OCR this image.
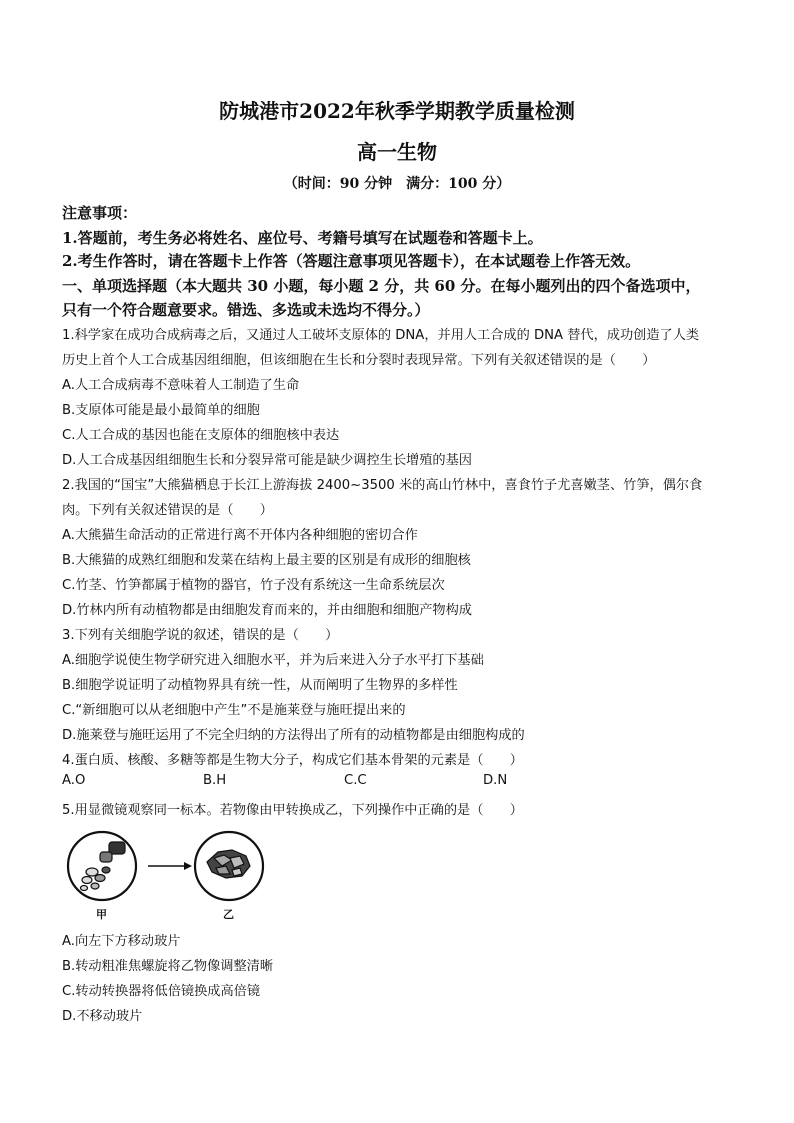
防城港市2022年秋季学期教学质量检测
高一生物
（时间：90 分钟　满分：100 分）
注意事项：
1.答题前，考生务必将姓名、座位号、考籍号填写在试题卷和答题卡上。
2.考生作答时，请在答题卡上作答（答题注意事项见答题卡），在本试题卷上作答无效。
一、单项选择题（本大题共 30 小题，每小题 2 分，共 60 分。在每小题列出的四个备选项中，
只有一个符合题意要求。错选、多选或未选均不得分。）
1.科学家在成功合成病毒之后，又通过人工破坏支原体的 DNA，并用人工合成的 DNA 替代，成功创造了人类
历史上首个人工合成基因组细胞，但该细胞在生长和分裂时表现异常。下列有关叙述错误的是（　　）
A.人工合成病毒不意味着人工制造了生命
B.支原体可能是最小最简单的细胞
C.人工合成的基因也能在支原体的细胞核中表达
D.人工合成基因组细胞生长和分裂异常可能是缺少调控生长增殖的基因
2.我国的“国宝”大熊猫栖息于长江上游海拔 2400~3500 米的高山竹林中，喜食竹子尤喜嫩茎、竹笋，偶尔食
肉。下列有关叙述错误的是（　　）
A.大熊猫生命活动的正常进行离不开体内各种细胞的密切合作
B.大熊猫的成熟红细胞和发菜在结构上最主要的区别是有成形的细胞核
C.竹茎、竹笋都属于植物的器官，竹子没有系统这一生命系统层次
D.竹林内所有动植物都是由细胞发育而来的，并由细胞和细胞产物构成
3.下列有关细胞学说的叙述，错误的是（　　）
A.细胞学说使生物学研究进入细胞水平，并为后来进入分子水平打下基础
B.细胞学说证明了动植物界具有统一性，从而阐明了生物界的多样性
C.“新细胞可以从老细胞中产生”不是施莱登与施旺提出来的
D.施莱登与施旺运用了不完全归纳的方法得出了所有的动植物都是由细胞构成的
4.蛋白质、核酸、多糖等都是生物大分子，构成它们基本骨架的元素是（　　）
A.O	B.H	C.C	D.N
5.用显微镜观察同一标本。若物像由甲转换成乙，下列操作中正确的是（　　）
甲	乙
A.向左下方移动玻片
B.转动粗准焦螺旋将乙物像调整清晰
C.转动转换器将低倍镜换成高倍镜
D.不移动玻片
